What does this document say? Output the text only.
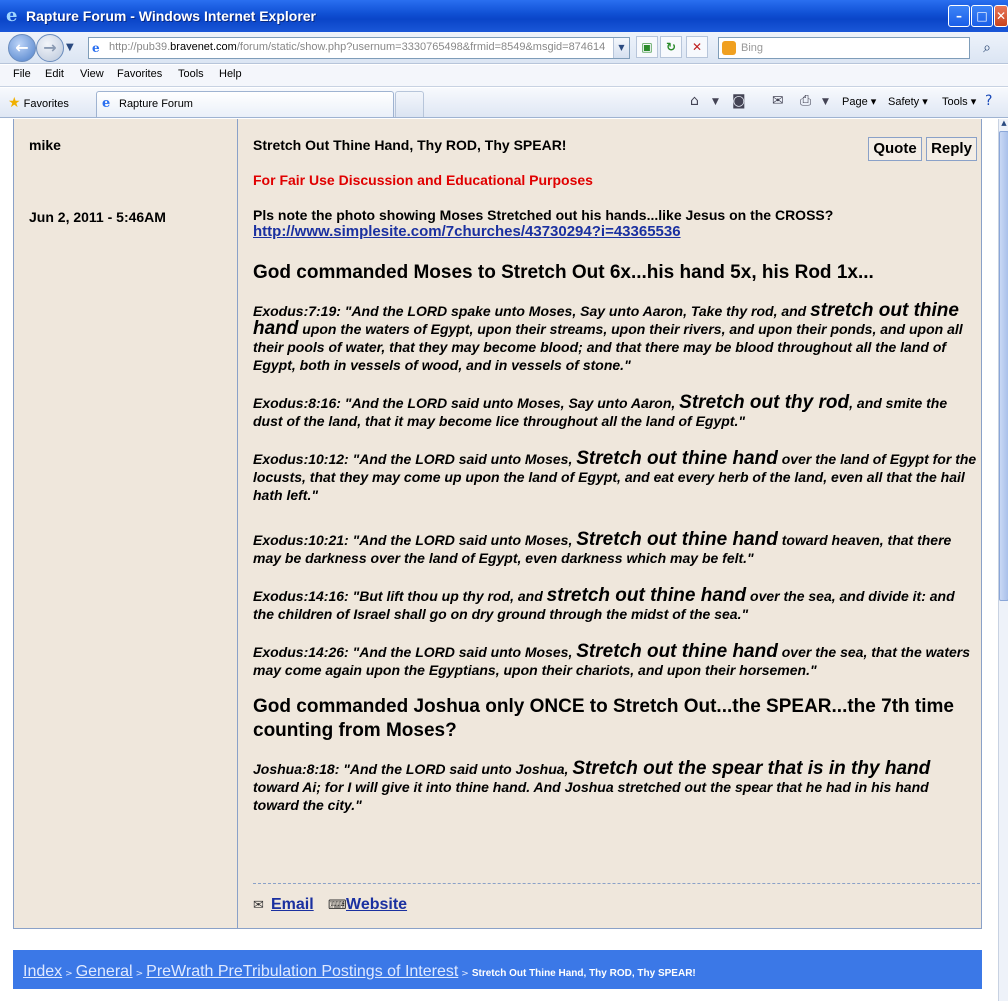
e Rapture Forum - Windows Internet Explorer	–	□ ✕
← → ▼ e http://pub39.bravenet.com/forum/static/show.php?usernum=3330765498&frmid=8549&msgid=874614	▼	▣	↻	✕	Bing	⌕
File Edit View Favorites Tools Help
★ Favorites	e Rapture Forum	⌂ ▼ ◙ ✉ ⎙ ▼ Page ▾ Safety ▾ Tools ▾ ?
mike
Jun 2, 2011 - 5:46AM
Quote Reply
Stretch Out Thine Hand, Thy ROD, Thy SPEAR!
For Fair Use Discussion and Educational Purposes
Pls note the photo showing Moses Stretched out his hands...like Jesus on the CROSS?
http://www.simplesite.com/7churches/43730294?i=43365536
God commanded Moses to Stretch Out 6x...his hand 5x, his Rod 1x...

Exodus:7:19: "And the LORD spake unto Moses, Say unto Aaron, Take thy rod, and stretch out thine hand upon the waters of Egypt, upon their streams, upon their rivers, and upon their ponds, and upon all their pools of water, that they may become blood; and that there may be blood throughout all the land of Egypt, both in vessels of wood, and in vessels of stone."

Exodus:8:16: "And the LORD said unto Moses, Say unto Aaron, Stretch out thy rod, and smite the dust of the land, that it may become lice throughout all the land of Egypt."

Exodus:10:12: "And the LORD said unto Moses, Stretch out thine hand over the land of Egypt for the locusts, that they may come up upon the land of Egypt, and eat every herb of the land, even all that the hail hath left."

Exodus:10:21: "And the LORD said unto Moses, Stretch out thine hand toward heaven, that there may be darkness over the land of Egypt, even darkness which may be felt."

Exodus:14:16: "But lift thou up thy rod, and stretch out thine hand over the sea, and divide it: and the children of Israel shall go on dry ground through the midst of the sea."

Exodus:14:26: "And the LORD said unto Moses, Stretch out thine hand over the sea, that the waters may come again upon the Egyptians, upon their chariots, and upon their horsemen."

God commanded Joshua only ONCE to Stretch Out...the SPEAR...the 7th time counting from Moses?

Joshua:8:18: "And the LORD said unto Joshua, Stretch out the spear that is in thy hand toward Ai; for I will give it into thine hand. And Joshua stretched out the spear that he had in his hand toward the city."

✉ Email ⌨ Website
Index > General > PreWrath PreTribulation Postings of Interest > Stretch Out Thine Hand, Thy ROD, Thy SPEAR!
▲
